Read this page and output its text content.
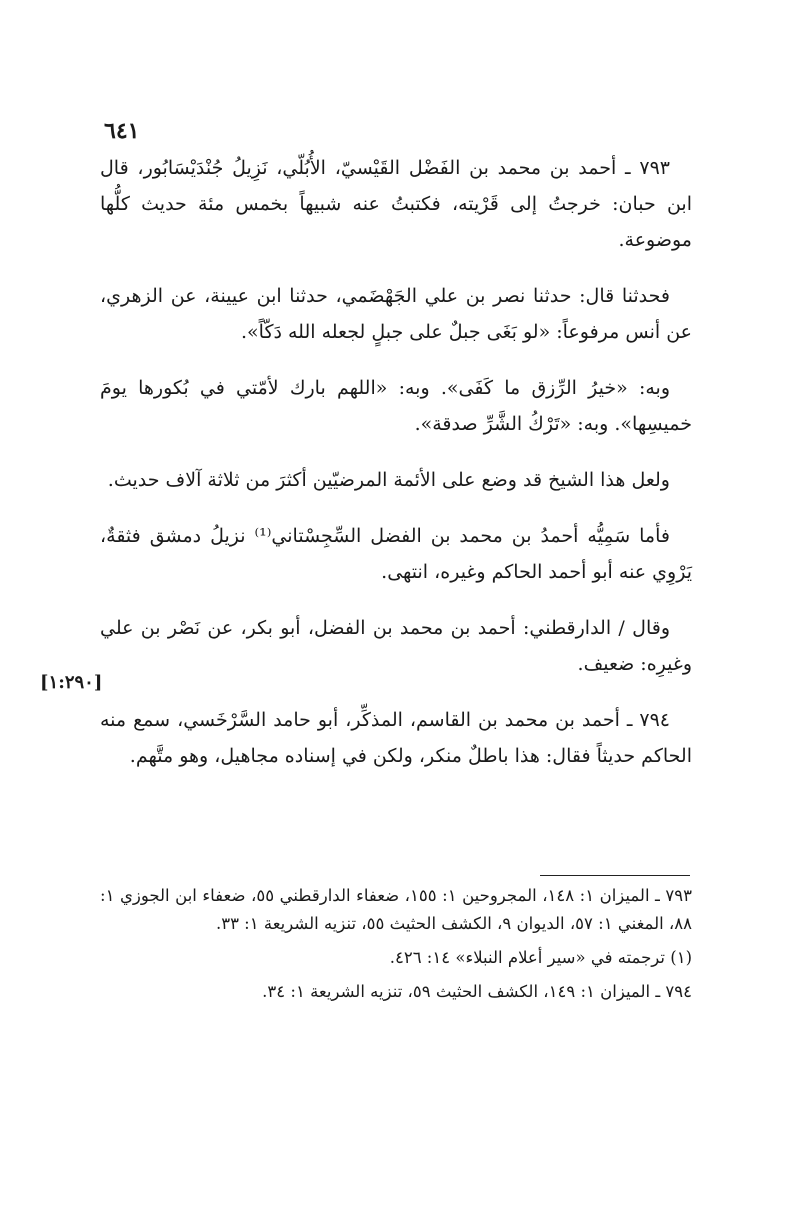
٦٤١

٧٩٣ ـ أحمد بن محمد بن الفَضْل القَيْسيّ، الأُبُلّي، نَزِيلُ جُنْدَيْسَابُور، قال ابن حبان: خرجتُ إلى قَرْيته، فكتبتُ عنه شبيهاً بخمس مئة حديث كلُّها موضوعة.

فحدثنا قال: حدثنا نصر بن علي الجَهْضَمي، حدثنا ابن عيينة، عن الزهري، عن أنس مرفوعاً: «لو بَغَى جبلٌ على جبلٍ لجعله الله دَكّاً».

وبه: «خيرُ الرِّزق ما كَفَى». وبه: «اللهم بارك لأمّتي في بُكورها يومَ خميسِها». وبه: «تَرْكُ الشَّرِّ صدقة».

ولعل هذا الشيخ قد وضع على الأئمة المرضيّين أكثرَ من ثلاثة آلاف حديث.

فأما سَمِيُّه أحمدُ بن محمد بن الفضل السِّجِسْتاني⁽¹⁾ نزيلُ دمشق فثقةٌ، يَرْوِي عنه أبو أحمد الحاكم وغيره، انتهى.

وقال / الدارقطني: أحمد بن محمد بن الفضل، أبو بكر، عن نَصْر بن علي وغيرِه: ضعيف.

٧٩٤ ـ أحمد بن محمد بن القاسم، المذكِّر، أبو حامد السَّرْخَسي، سمع منه الحاكم حديثاً فقال: هذا باطلٌ منكر، ولكن في إسناده مجاهيل، وهو متَّهم.

[١:٢٩٠]

٧٩٣ ـ الميزان ١: ١٤٨، المجروحين ١: ١٥٥، ضعفاء الدارقطني ٥٥، ضعفاء ابن الجوزي ١: ٨٨، المغني ١: ٥٧، الديوان ٩، الكشف الحثيث ٥٥، تنزيه الشريعة ١: ٣٣.

(١) ترجمته في «سير أعلام النبلاء» ١٤: ٤٢٦.

٧٩٤ ـ الميزان ١: ١٤٩، الكشف الحثيث ٥٩، تنزيه الشريعة ١: ٣٤.
